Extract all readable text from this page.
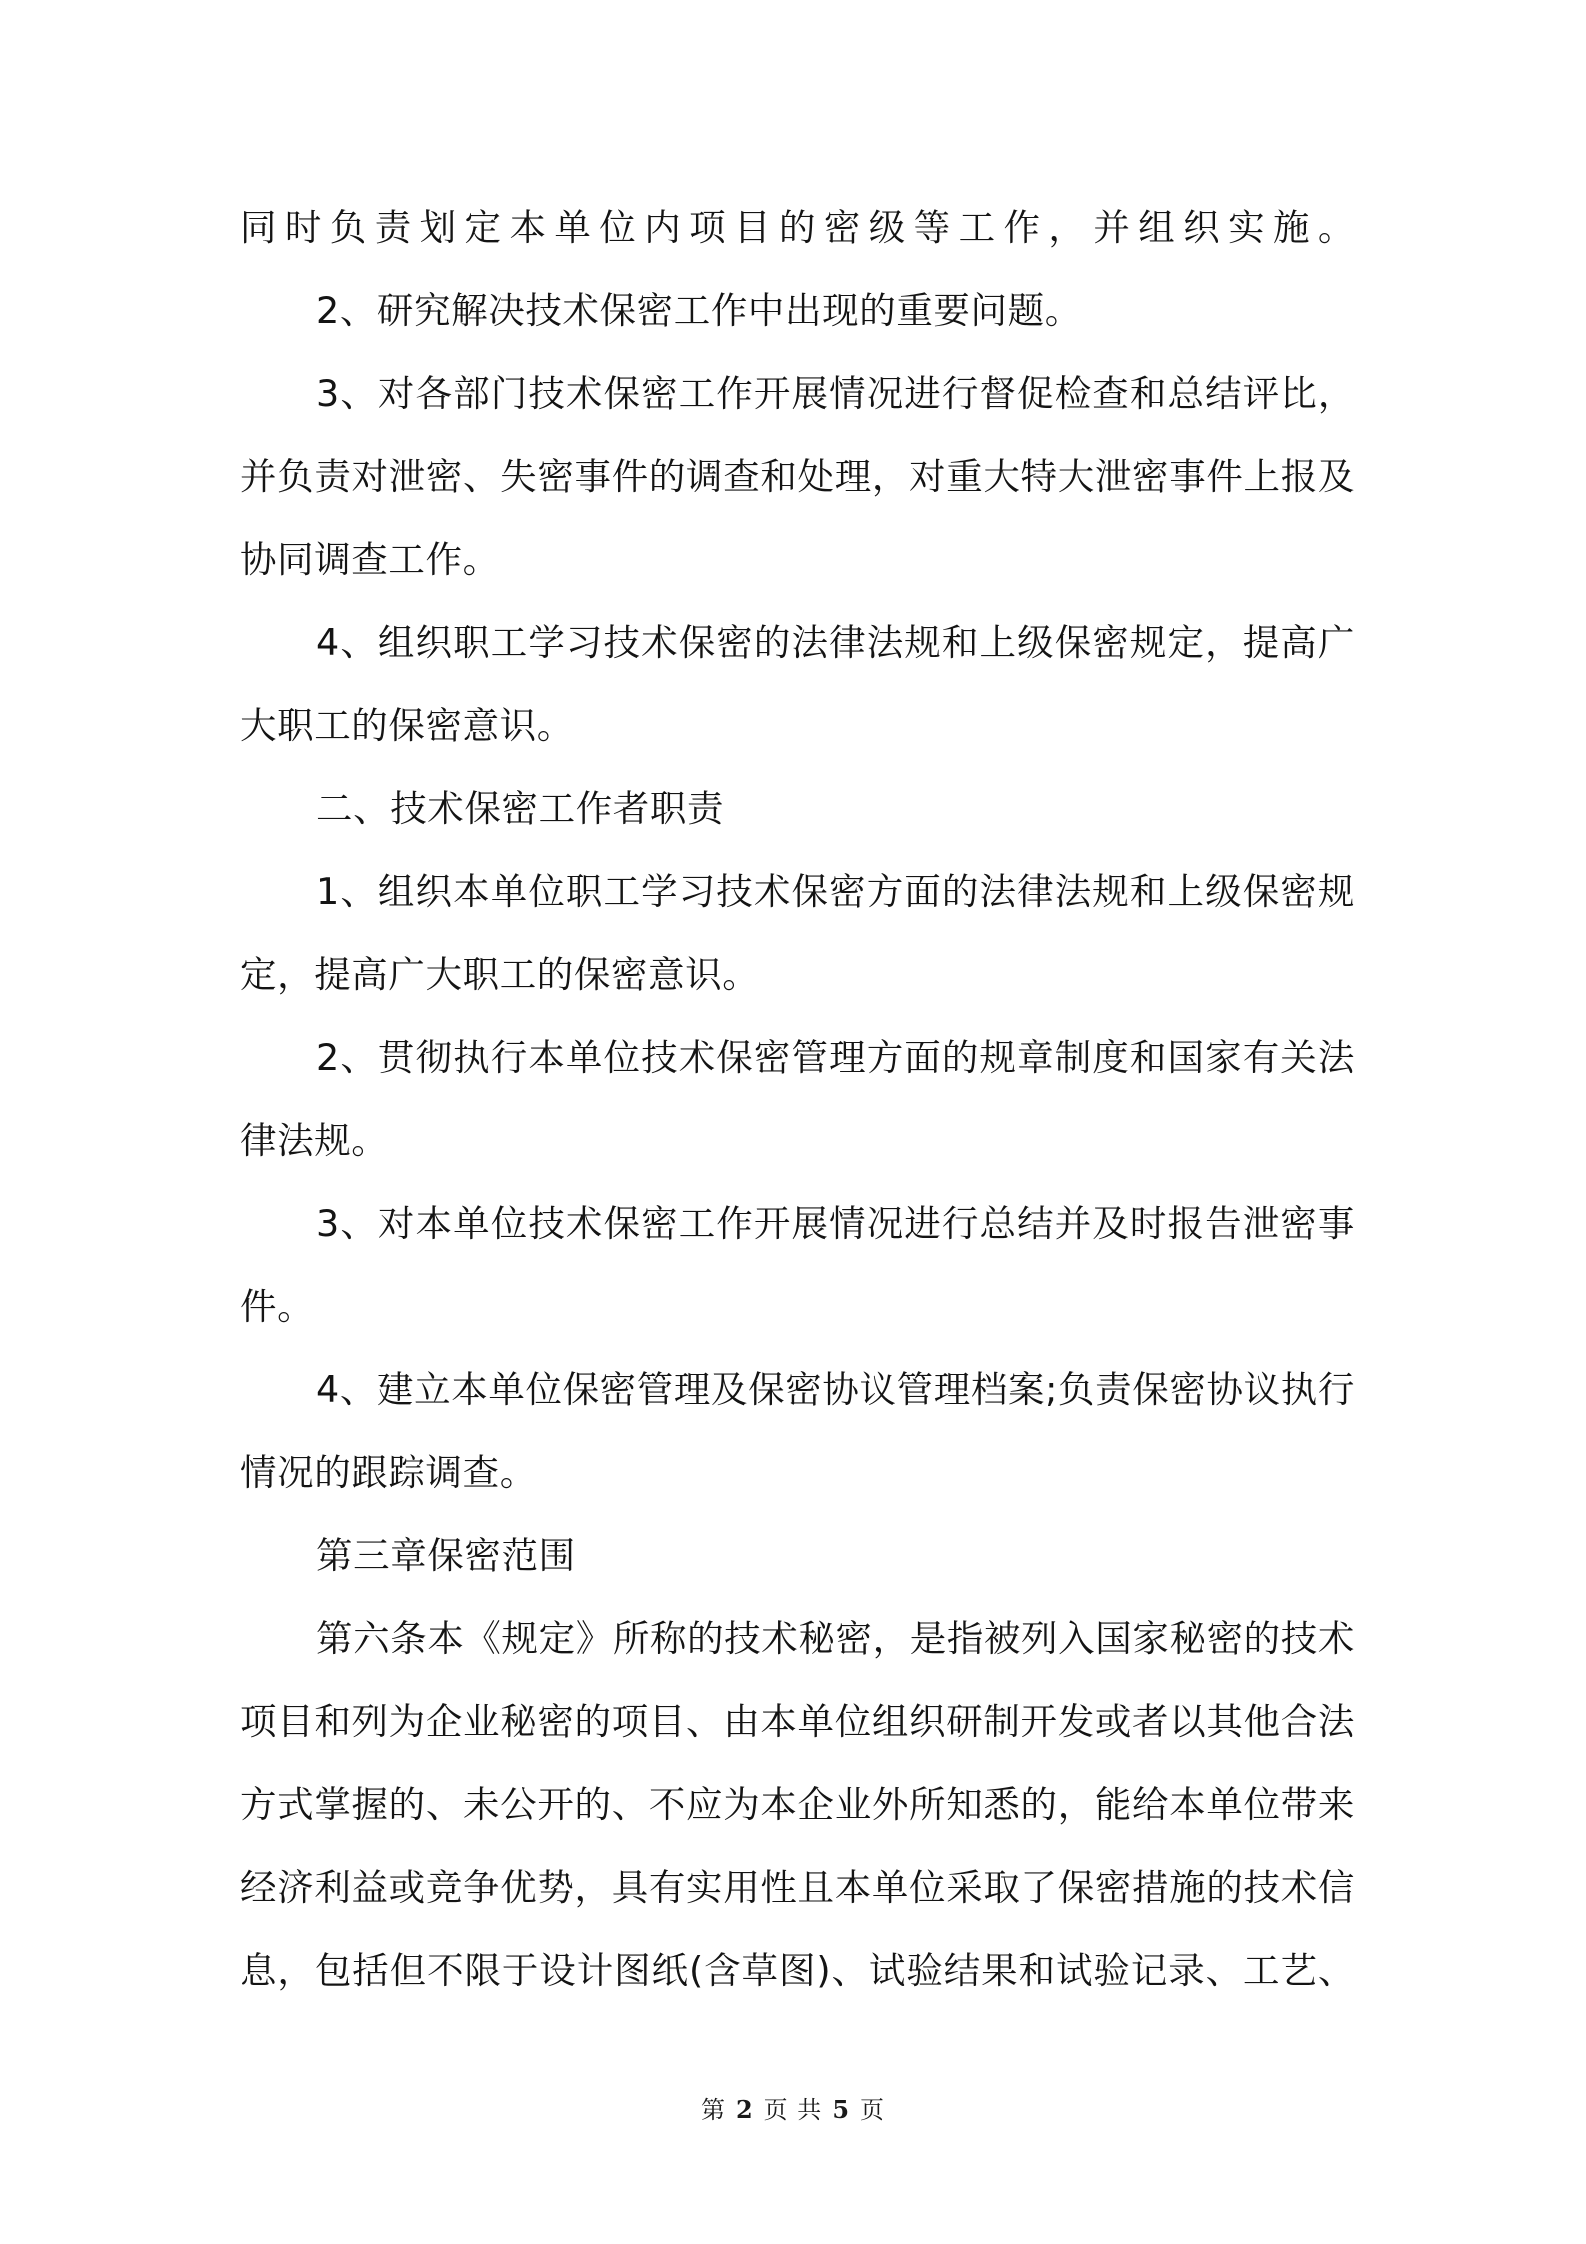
同时负责划定本单位内项目的密级等工作，并组织实施。
2、研究解决技术保密工作中出现的重要问题。
3、对各部门技术保密工作开展情况进行督促检查和总结评比，
并负责对泄密、失密事件的调查和处理，对重大特大泄密事件上报及
协同调查工作。
4、组织职工学习技术保密的法律法规和上级保密规定，提高广
大职工的保密意识。
二、技术保密工作者职责
1、组织本单位职工学习技术保密方面的法律法规和上级保密规
定，提高广大职工的保密意识。
2、贯彻执行本单位技术保密管理方面的规章制度和国家有关法
律法规。
3、对本单位技术保密工作开展情况进行总结并及时报告泄密事
件。
4、建立本单位保密管理及保密协议管理档案;负责保密协议执行
情况的跟踪调查。
第三章保密范围
第六条本《规定》所称的技术秘密，是指被列入国家秘密的技术
项目和列为企业秘密的项目、由本单位组织研制开发或者以其他合法
方式掌握的、未公开的、不应为本企业外所知悉的，能给本单位带来
经济利益或竞争优势，具有实用性且本单位采取了保密措施的技术信
息，包括但不限于设计图纸(含草图)、试验结果和试验记录、工艺、
第 2 页 共 5 页
